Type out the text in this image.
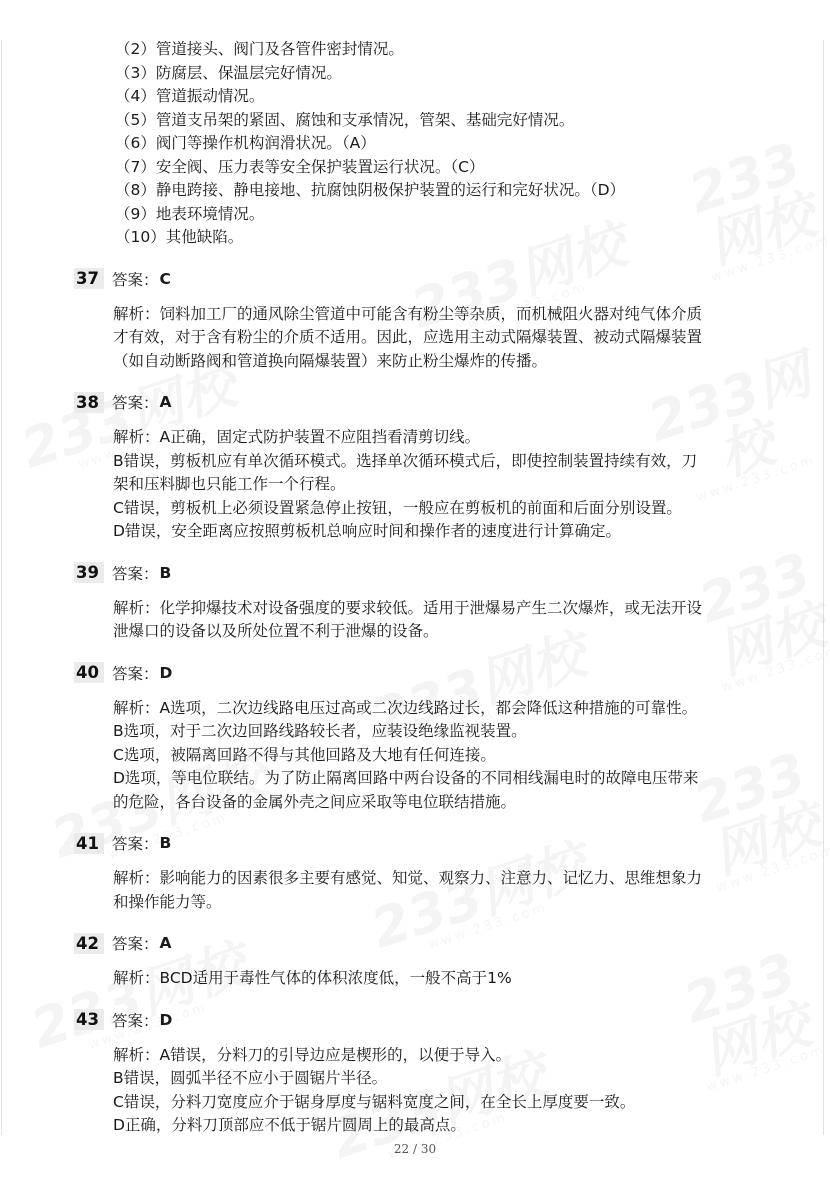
（2）管道接头、阀门及各管件密封情况。
（3）防腐层、保温层完好情况。
（4）管道振动情况。
（5）管道支吊架的紧固、腐蚀和支承情况，管架、基础完好情况。
（6）阀门等操作机构润滑状况。（A）
（7）安全阀、压力表等安全保护装置运行状况。（C）
（8）静电跨接、静电接地、抗腐蚀阴极保护装置的运行和完好状况。（D）
（9）地表环境情况。
（10）其他缺陷。
37 答案： C
解析：饲料加工厂的通风除尘管道中可能含有粉尘等杂质，而机械阻火器对纯气体介质
才有效，对于含有粉尘的介质不适用。因此，应选用主动式隔爆装置、被动式隔爆装置
（如自动断路阀和管道换向隔爆装置）来防止粉尘爆炸的传播。
38 答案： A
解析：A正确，固定式防护装置不应阻挡看清剪切线。
B错误，剪板机应有单次循环模式。选择单次循环模式后，即使控制装置持续有效，刀
架和压料脚也只能工作一个行程。
C错误，剪板机上必须设置紧急停止按钮，一般应在剪板机的前面和后面分别设置。
D错误，安全距离应按照剪板机总响应时间和操作者的速度进行计算确定。
39 答案： B
解析：化学抑爆技术对设备强度的要求较低。适用于泄爆易产生二次爆炸，或无法开设
泄爆口的设备以及所处位置不利于泄爆的设备。
40 答案： D
解析：A选项，二次边线路电压过高或二次边线路过长，都会降低这种措施的可靠性。
B选项，对于二次边回路线路较长者，应装设绝缘监视装置。
C选项，被隔离回路不得与其他回路及大地有任何连接。
D选项，等电位联结。为了防止隔离回路中两台设备的不同相线漏电时的故障电压带来
的危险，各台设备的金属外壳之间应采取等电位联结措施。
41 答案： B
解析：影响能力的因素很多主要有感觉、知觉、观察力、注意力、记忆力、思维想象力
和操作能力等。
42 答案： A
解析：BCD适用于毒性气体的体积浓度低，一般不高于1%
43 答案： D
解析：A错误，分料刀的引导边应是楔形的，以便于导入。
B错误，圆弧半径不应小于圆锯片半径。
C错误，分料刀宽度应介于锯身厚度与锯料宽度之间，在全长上厚度要一致。
D正确，分料刀顶部应不低于锯片圆周上的最高点。
22 / 30
